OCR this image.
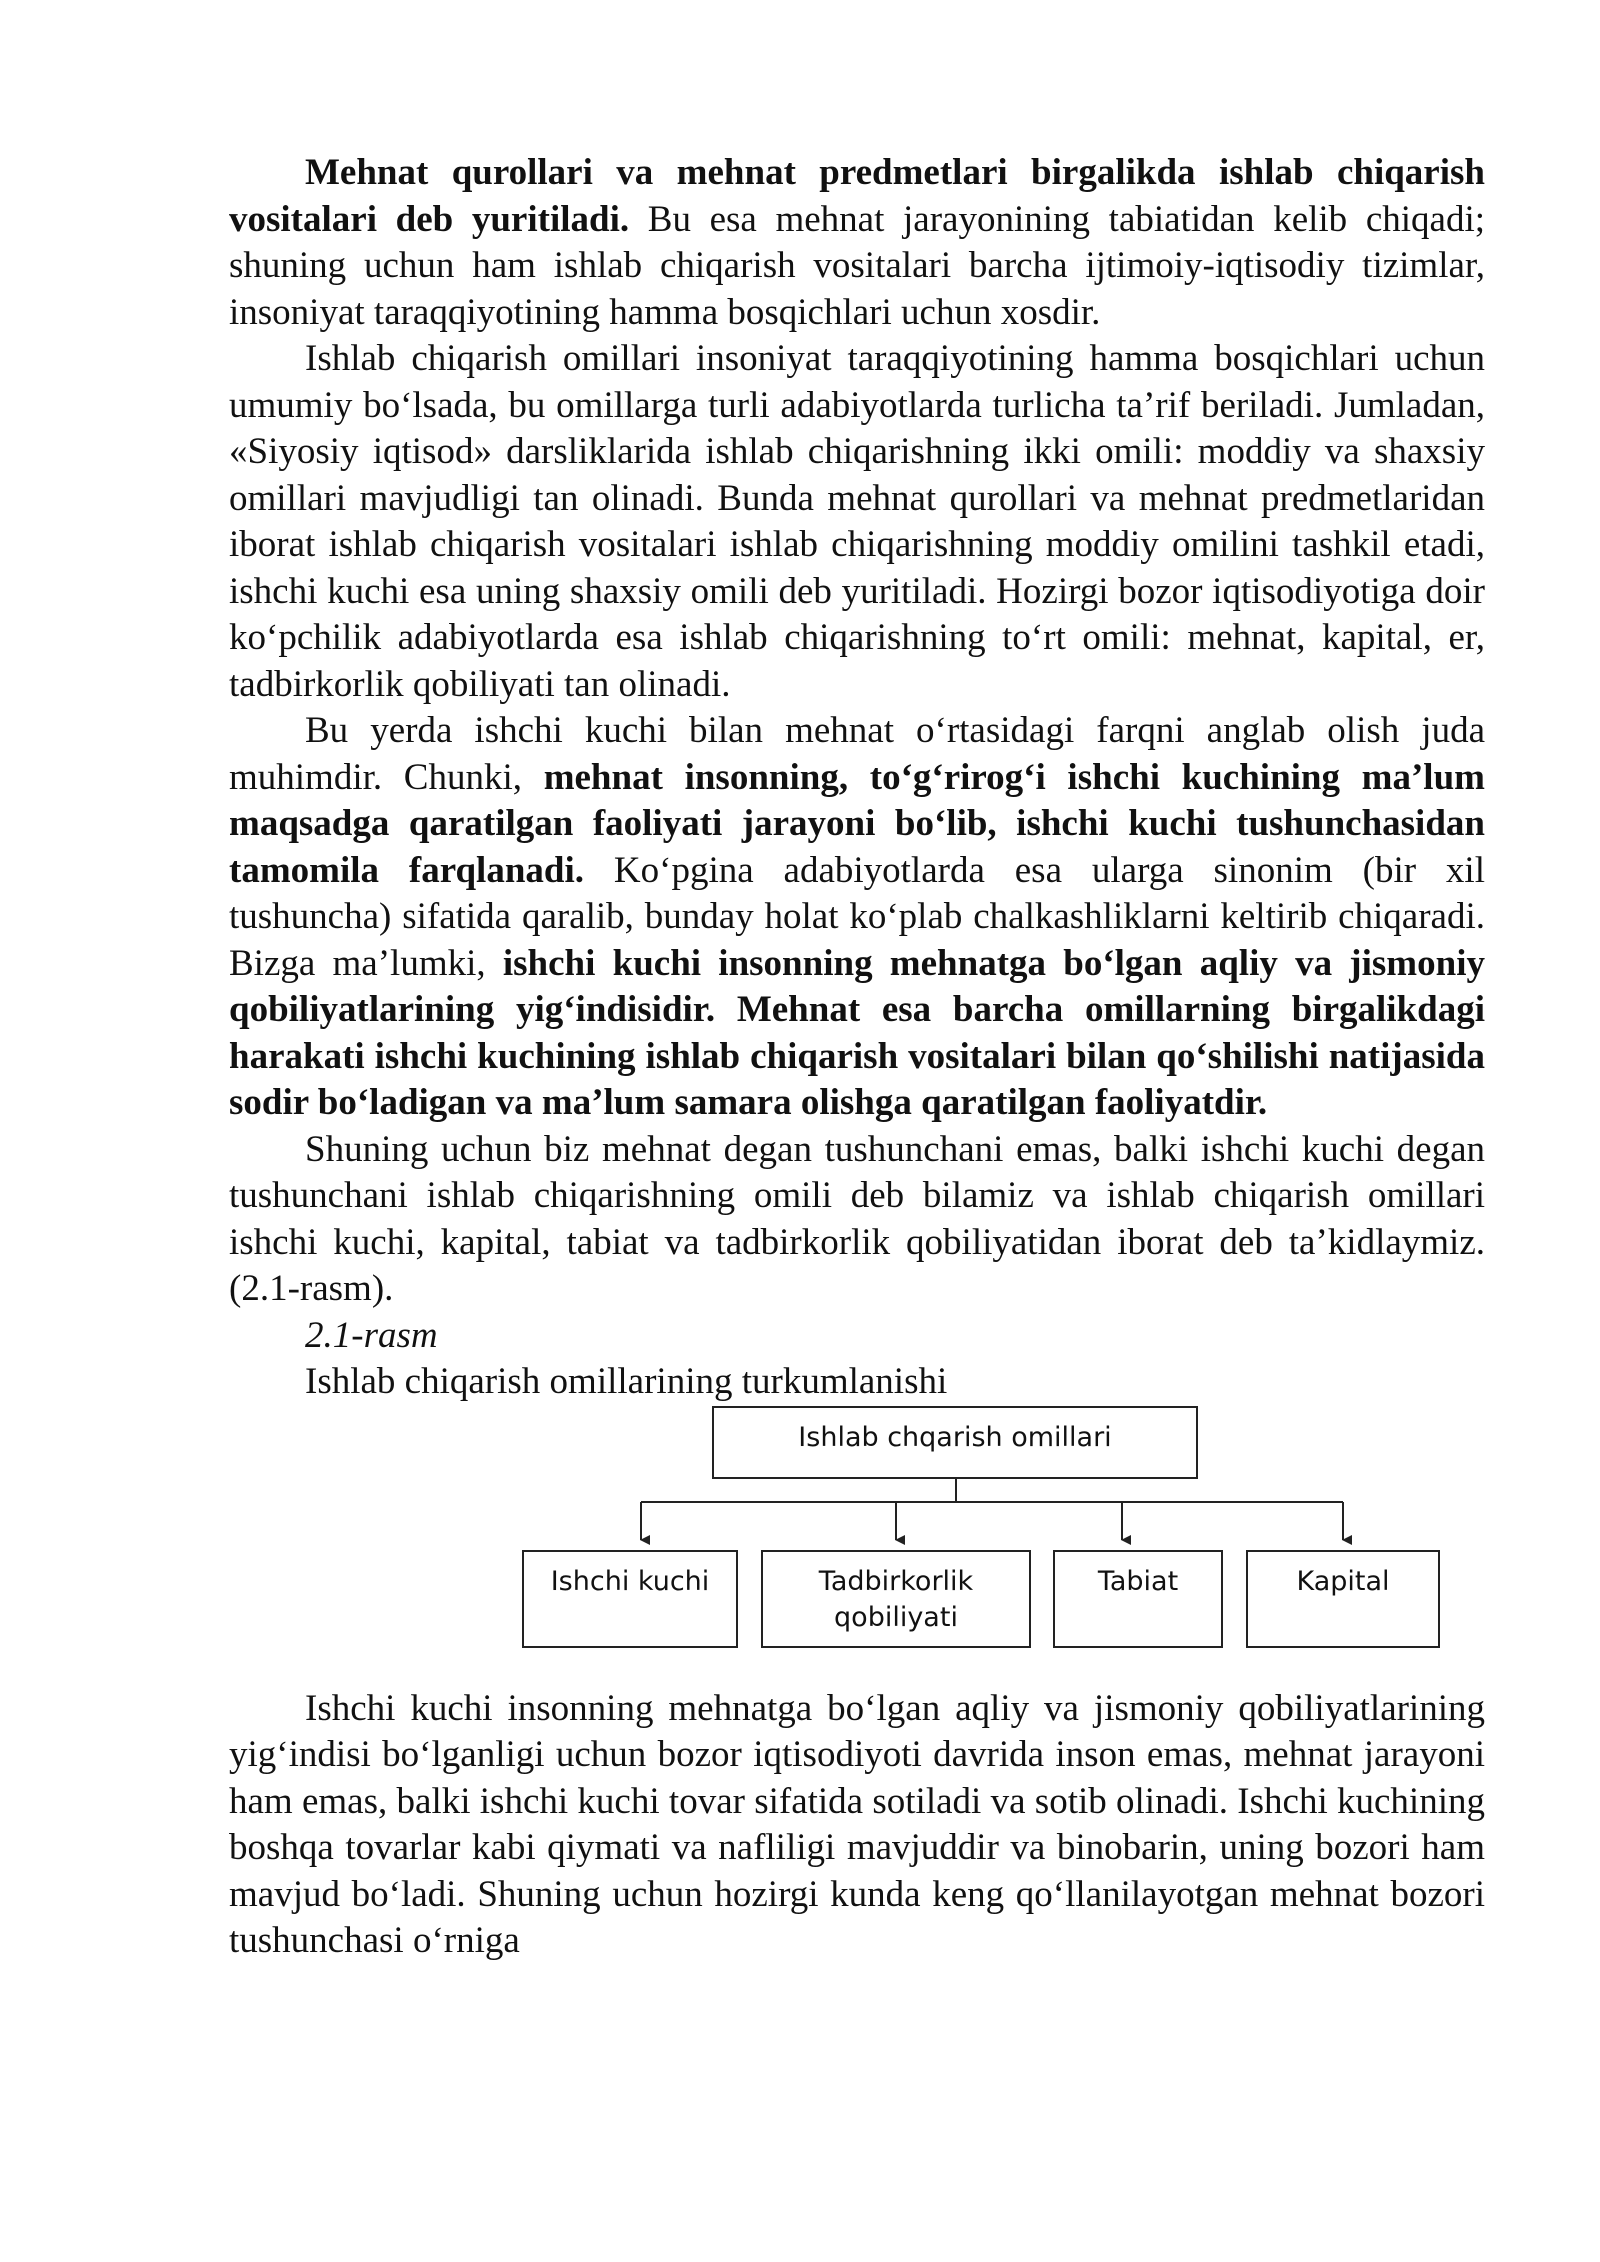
Mehnat qurollari va mehnat predmetlari birgalikda ishlab chiqarish vositalari deb yuritiladi. Bu esa mehnat jarayonining tabiatidan kelib chiqadi; shuning uchun ham ishlab chiqarish vositalari barcha ijtimoiy-iqtisodiy tizimlar, insoniyat taraqqiyotining hamma bosqichlari uchun xosdir.

Ishlab chiqarish omillari insoniyat taraqqiyotining hamma bosqichlari uchun umumiy bo‘lsada, bu omillarga turli adabiyotlarda turlicha ta’rif beriladi. Jumladan, «Siyosiy iqtisod» darsliklarida ishlab chiqarishning ikki omili: moddiy va shaxsiy omillari mavjudligi tan olinadi. Bunda mehnat qurollari va mehnat predmetlaridan iborat ishlab chiqarish vositalari ishlab chiqarishning moddiy omilini tashkil etadi, ishchi kuchi esa uning shaxsiy omili deb yuritiladi. Hozirgi bozor iqtisodiyotiga doir ko‘pchilik adabiyotlarda esa ishlab chiqarishning to‘rt omili: mehnat, kapital, er, tadbirkorlik qobiliyati tan olinadi.

Bu yerda ishchi kuchi bilan mehnat o‘rtasidagi farqni anglab olish juda muhimdir. Chunki, mehnat insonning, to‘g‘rirog‘i ishchi kuchining ma’lum maqsadga qaratilgan faoliyati jarayoni bo‘lib, ishchi kuchi tushunchasidan tamomila farqlanadi. Ko‘pgina adabiyotlarda esa ularga sinonim (bir xil tushuncha) sifatida qaralib, bunday holat ko‘plab chalkashliklarni keltirib chiqaradi. Bizga ma’lumki, ishchi kuchi insonning mehnatga bo‘lgan aqliy va jismoniy qobiliyatlarining yig‘indisidir. Mehnat esa barcha omillarning birgalikdagi harakati ishchi kuchining ishlab chiqarish vositalari bilan qo‘shilishi natijasida sodir bo‘ladigan va ma’lum samara olishga qaratilgan faoliyatdir.

Shuning uchun biz mehnat degan tushunchani emas, balki ishchi kuchi degan tushunchani ishlab chiqarishning omili deb bilamiz va ishlab chiqarish omillari ishchi kuchi, kapital, tabiat va tadbirkorlik qobiliyatidan iborat deb ta’kidlaymiz. (2.1-rasm).

2.1-rasm

Ishlab chiqarish omillarining turkumlanishi

Ishlab chqarish omillari
Ishchi kuchi	Tadbirkorlik qobiliyati
Tabiat	Kapital

Ishchi kuchi insonning mehnatga bo‘lgan aqliy va jismoniy qobiliyatlarining yig‘indisi bo‘lganligi uchun bozor iqtisodiyoti davrida inson emas, mehnat jarayoni ham emas, balki ishchi kuchi tovar sifatida sotiladi va sotib olinadi. Ishchi kuchining boshqa tovarlar kabi qiymati va nafliligi mavjuddir va binobarin, uning bozori ham mavjud bo‘ladi. Shuning uchun hozirgi kunda keng qo‘llanilayotgan mehnat bozori tushunchasi o‘rniga
